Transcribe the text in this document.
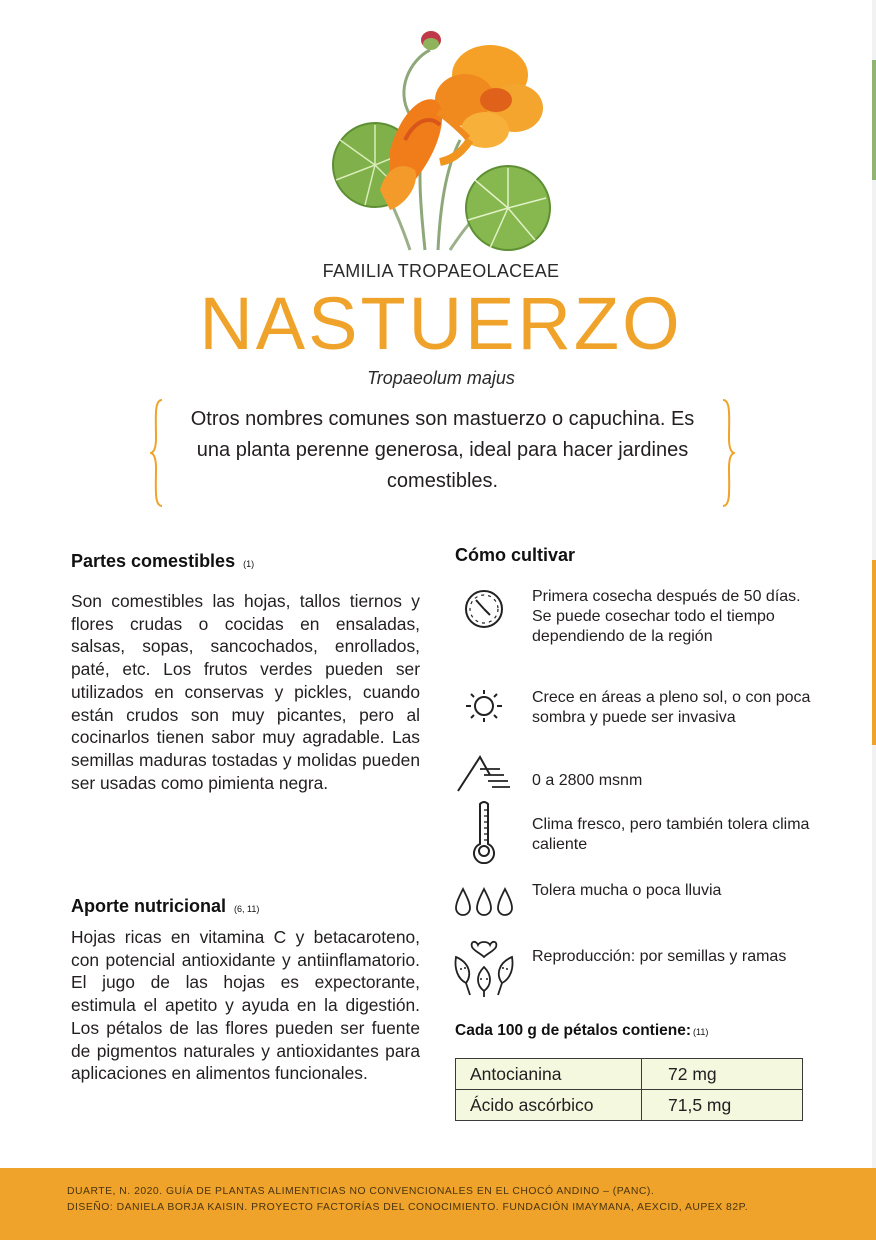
FAMILIA TROPAEOLACEAE
NASTUERZO
Tropaeolum majus
Otros nombres comunes son mastuerzo o capuchina. Es una planta perenne generosa, ideal para hacer jardines comestibles.
Partes comestibles (1)

Son comestibles las hojas, tallos tiernos y flores crudas o cocidas en ensaladas, salsas, sopas, sancochados, enrollados, paté, etc. Los frutos verdes pueden ser utilizados en conservas y pickles, cuando están crudos son muy picantes, pero al cocinarlos tienen sabor muy agradable. Las semillas maduras tostadas y molidas pueden ser usadas como pimienta negra.

Aporte nutricional (6, 11)

Hojas ricas en vitamina C y betacaroteno, con potencial antioxidante y antiinflamatorio. El jugo de las hojas es expectorante, estimula el apetito y ayuda en la digestión. Los pétalos de las flores pueden ser fuente de pigmentos naturales y antioxidantes para aplicaciones en alimentos funcionales.

Cómo cultivar
Primera cosecha después de 50 días. Se puede cosechar todo el tiempo dependiendo de la región
Crece en áreas a pleno sol, o con poca sombra y puede ser invasiva
0 a 2800 msnm
Clima fresco, pero también tolera clima caliente
Tolera mucha o poca lluvia
Reproducción: por semillas y ramas
Cada 100 g de pétalos contiene: (11)
Antocianina	72 mg
Ácido ascórbico	71,5 mg
DUARTE, N. 2020. GUÍA DE PLANTAS ALIMENTICIAS NO CONVENCIONALES EN EL CHOCÓ ANDINO – (PANC).
DISEÑO: DANIELA BORJA KAISIN. PROYECTO FACTORÍAS DEL CONOCIMIENTO. FUNDACIÓN IMAYMANA, AEXCID, AUPEX 82P.
